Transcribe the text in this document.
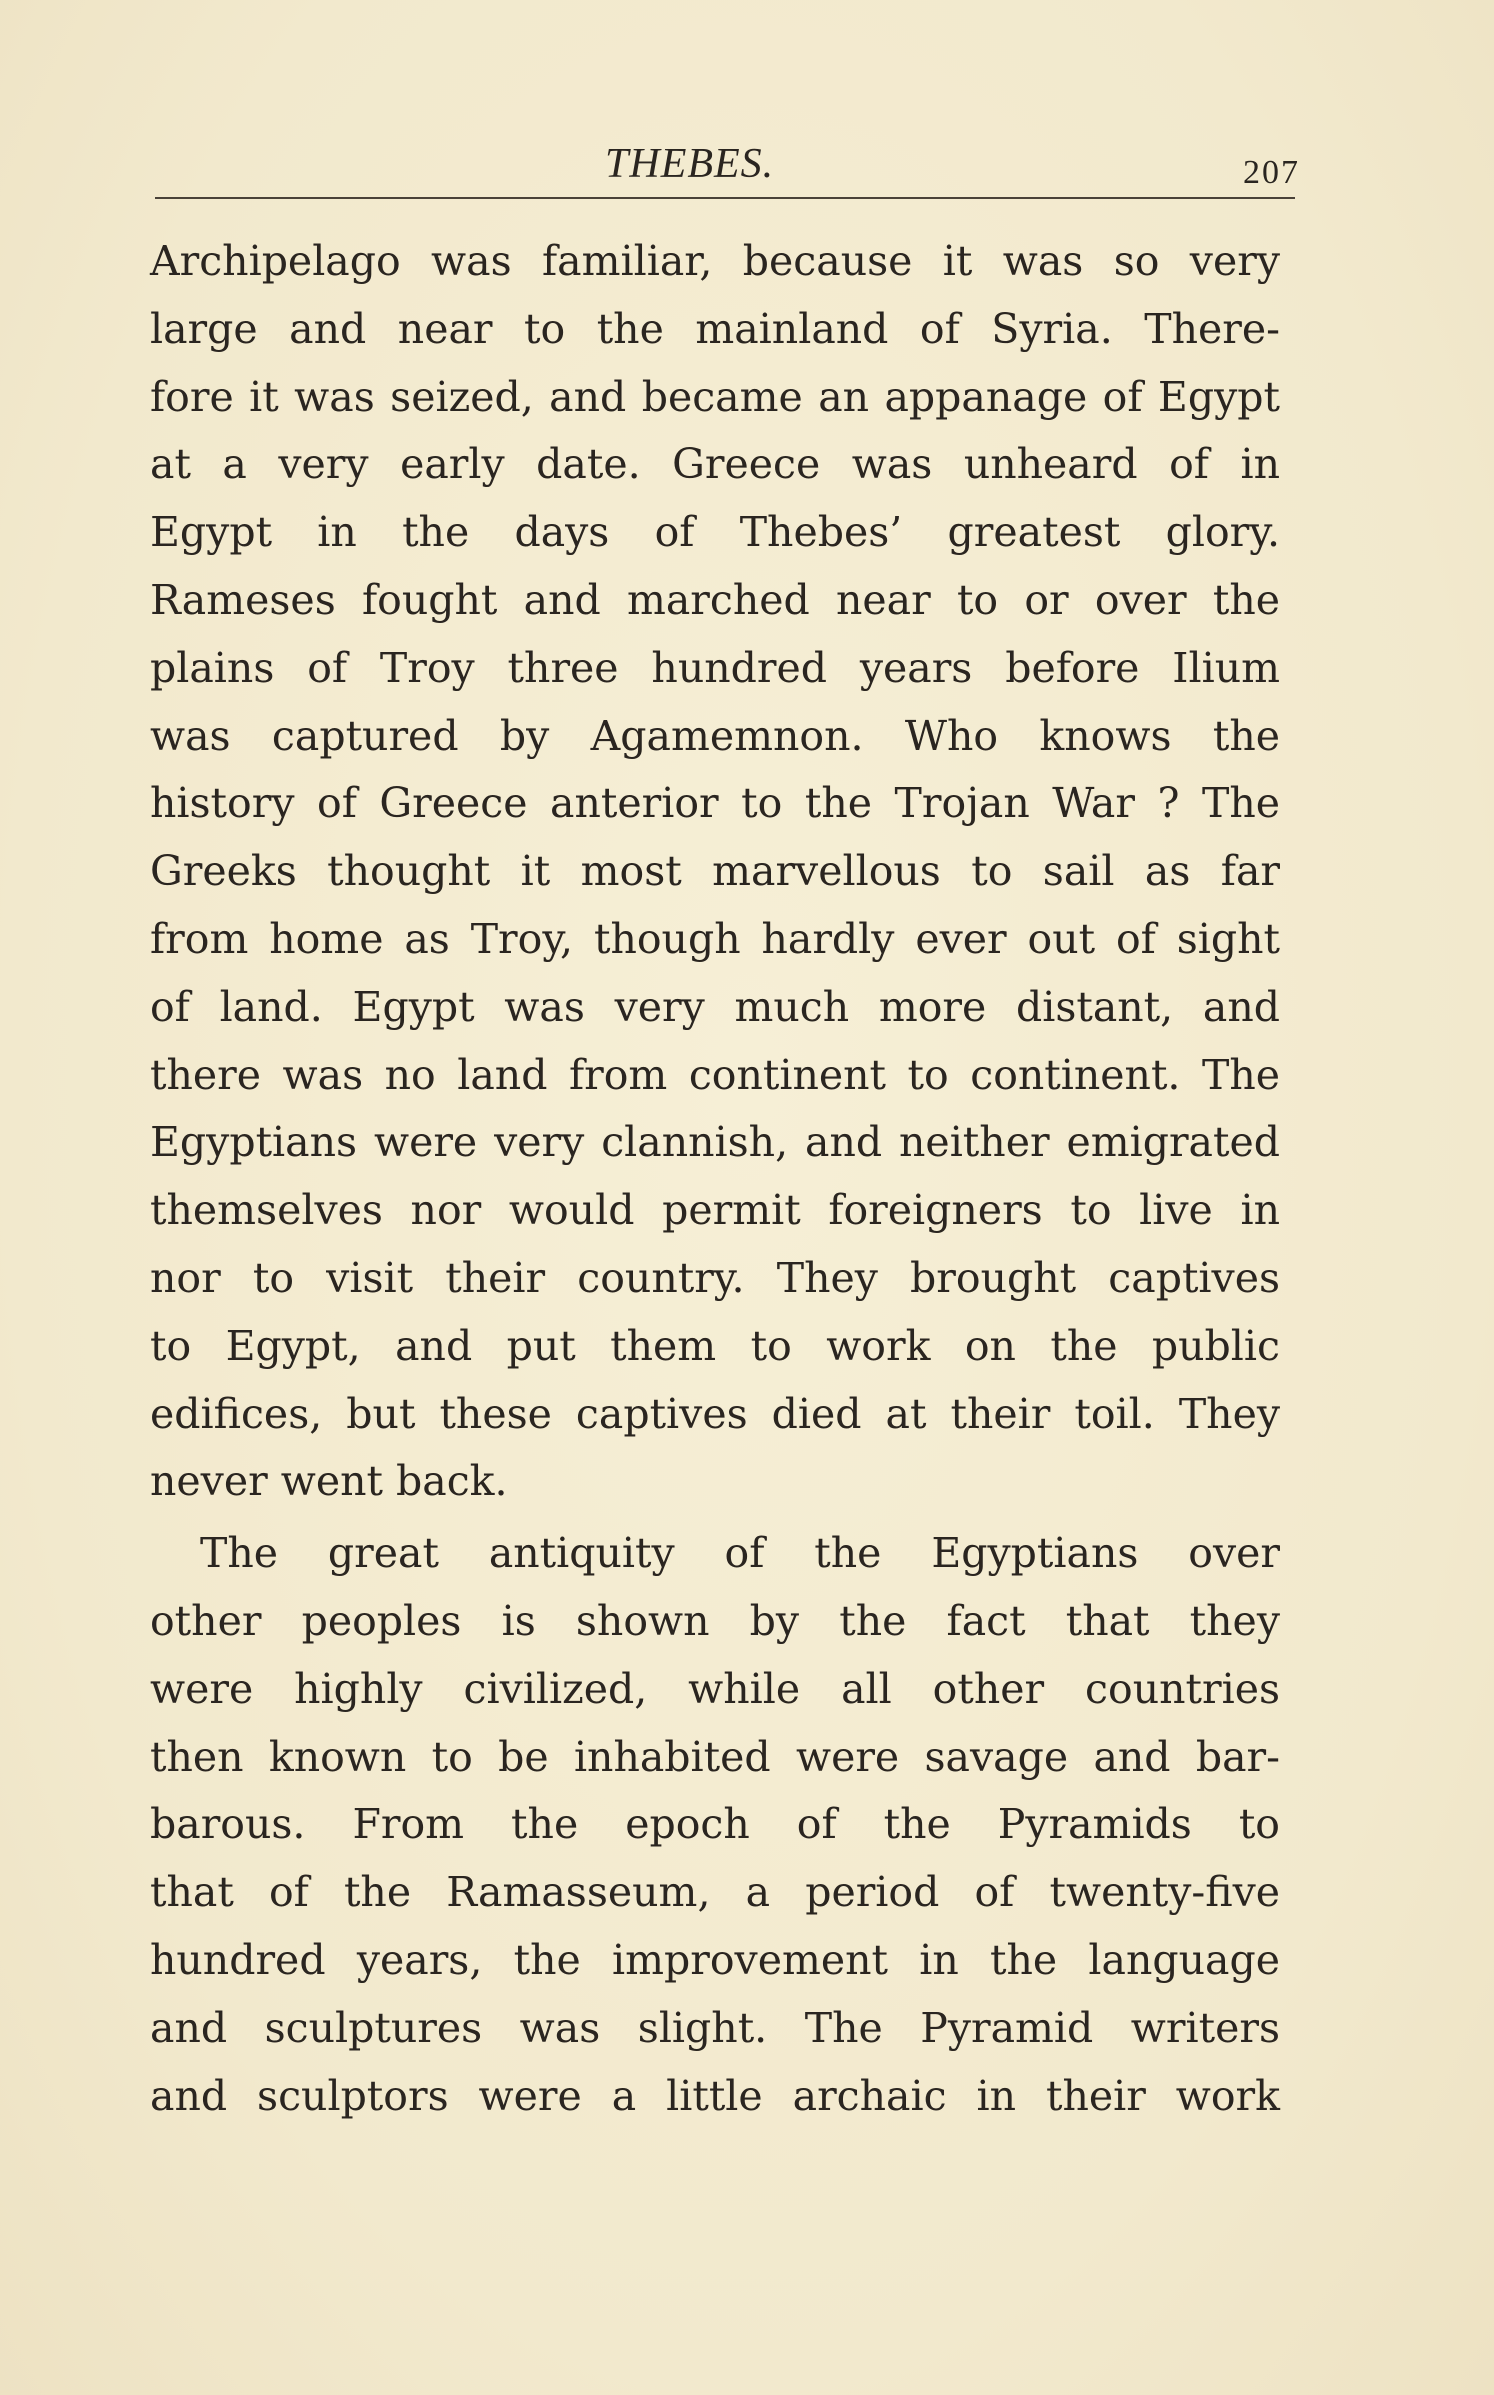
THEBES.	207
Archipelago was familiar, because it was so very
large and near to the mainland of Syria. There-
fore it was seized, and became an appanage of Egypt
at a very early date. Greece was unheard of in
Egypt in the days of Thebes’ greatest glory.
Rameses fought and marched near to or over the
plains of Troy three hundred years before Ilium
was captured by Agamemnon. Who knows the
history of Greece anterior to the Trojan War ? The
Greeks thought it most marvellous to sail as far
from home as Troy, though hardly ever out of sight
of land. Egypt was very much more distant, and
there was no land from continent to continent. The
Egyptians were very clannish, and neither emigrated
themselves nor would permit foreigners to live in
nor to visit their country. They brought captives
to Egypt, and put them to work on the public
edifices, but these captives died at their toil. They
never went back.
The great antiquity of the Egyptians over
other peoples is shown by the fact that they
were highly civilized, while all other countries
then known to be inhabited were savage and bar-
barous. From the epoch of the Pyramids to
that of the Ramasseum, a period of twenty-five
hundred years, the improvement in the language
and sculptures was slight. The Pyramid writers
and sculptors were a little archaic in their work
